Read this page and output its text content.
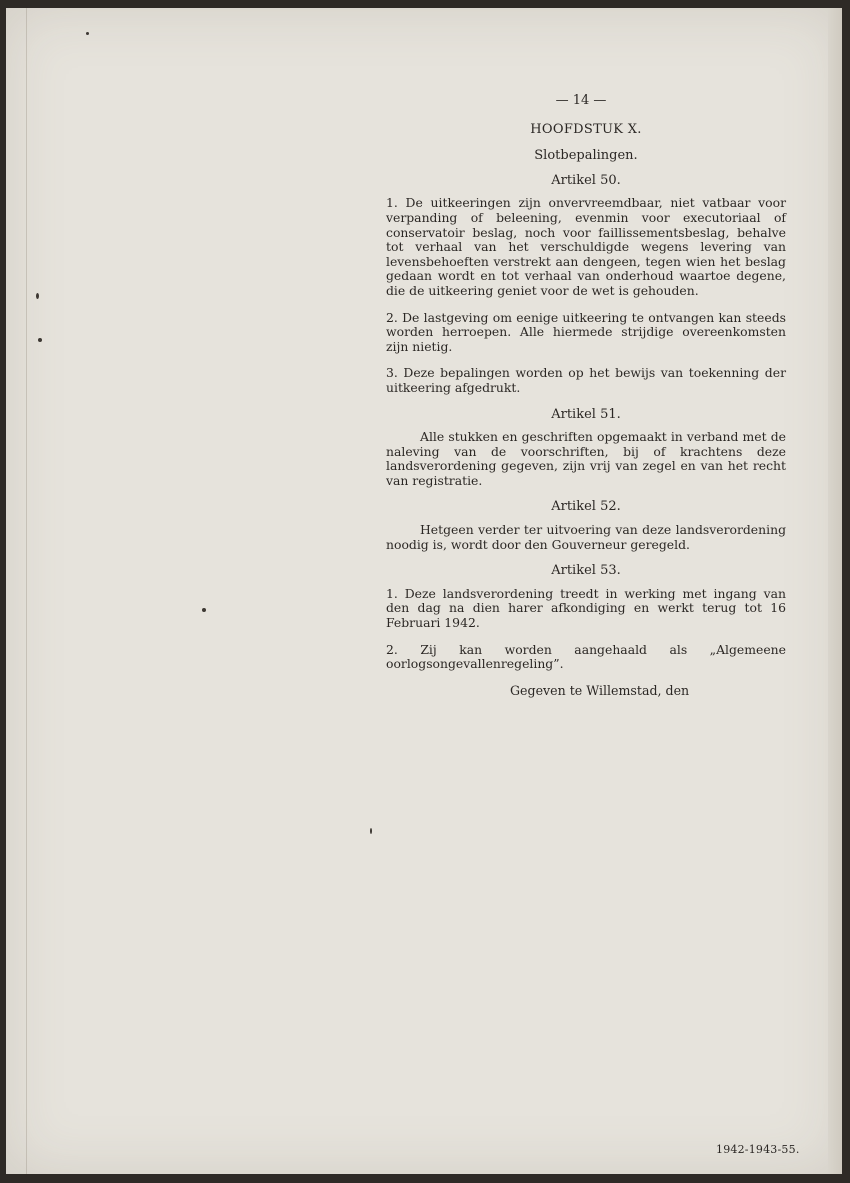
— 14 —
HOOFDSTUK X.
Slotbepalingen.
Artikel 50.

1. De uitkeeringen zijn onvervreemdbaar, niet vatbaar voor verpanding of beleening, evenmin voor executoriaal of conservatoir beslag, noch voor faillissementsbeslag, behalve tot verhaal van het verschuldigde wegens levering van levensbehoeften verstrekt aan dengeen, tegen wien het beslag gedaan wordt en tot verhaal van onderhoud waartoe degene, die de uitkeering geniet voor de wet is gehouden.

2. De lastgeving om eenige uitkeering te ontvangen kan steeds worden herroepen. Alle hiermede strijdige overeenkomsten zijn nietig.

3. Deze bepalingen worden op het bewijs van toekenning der uitkeering afgedrukt.

Artikel 51.

Alle stukken en geschriften opgemaakt in verband met de naleving van de voorschriften, bij of krachtens deze landsverordening gegeven, zijn vrij van zegel en van het recht van registratie.

Artikel 52.

Hetgeen verder ter uitvoering van deze landsverordening noodig is, wordt door den Gouverneur geregeld.

Artikel 53.

1. Deze landsverordening treedt in werking met ingang van den dag na dien harer afkondiging en werkt terug tot 16 Februari 1942.

2. Zij kan worden aangehaald als „Algemeene oorlogsongevallenregeling”.

Gegeven te Willemstad, den
1942-1943-55.
